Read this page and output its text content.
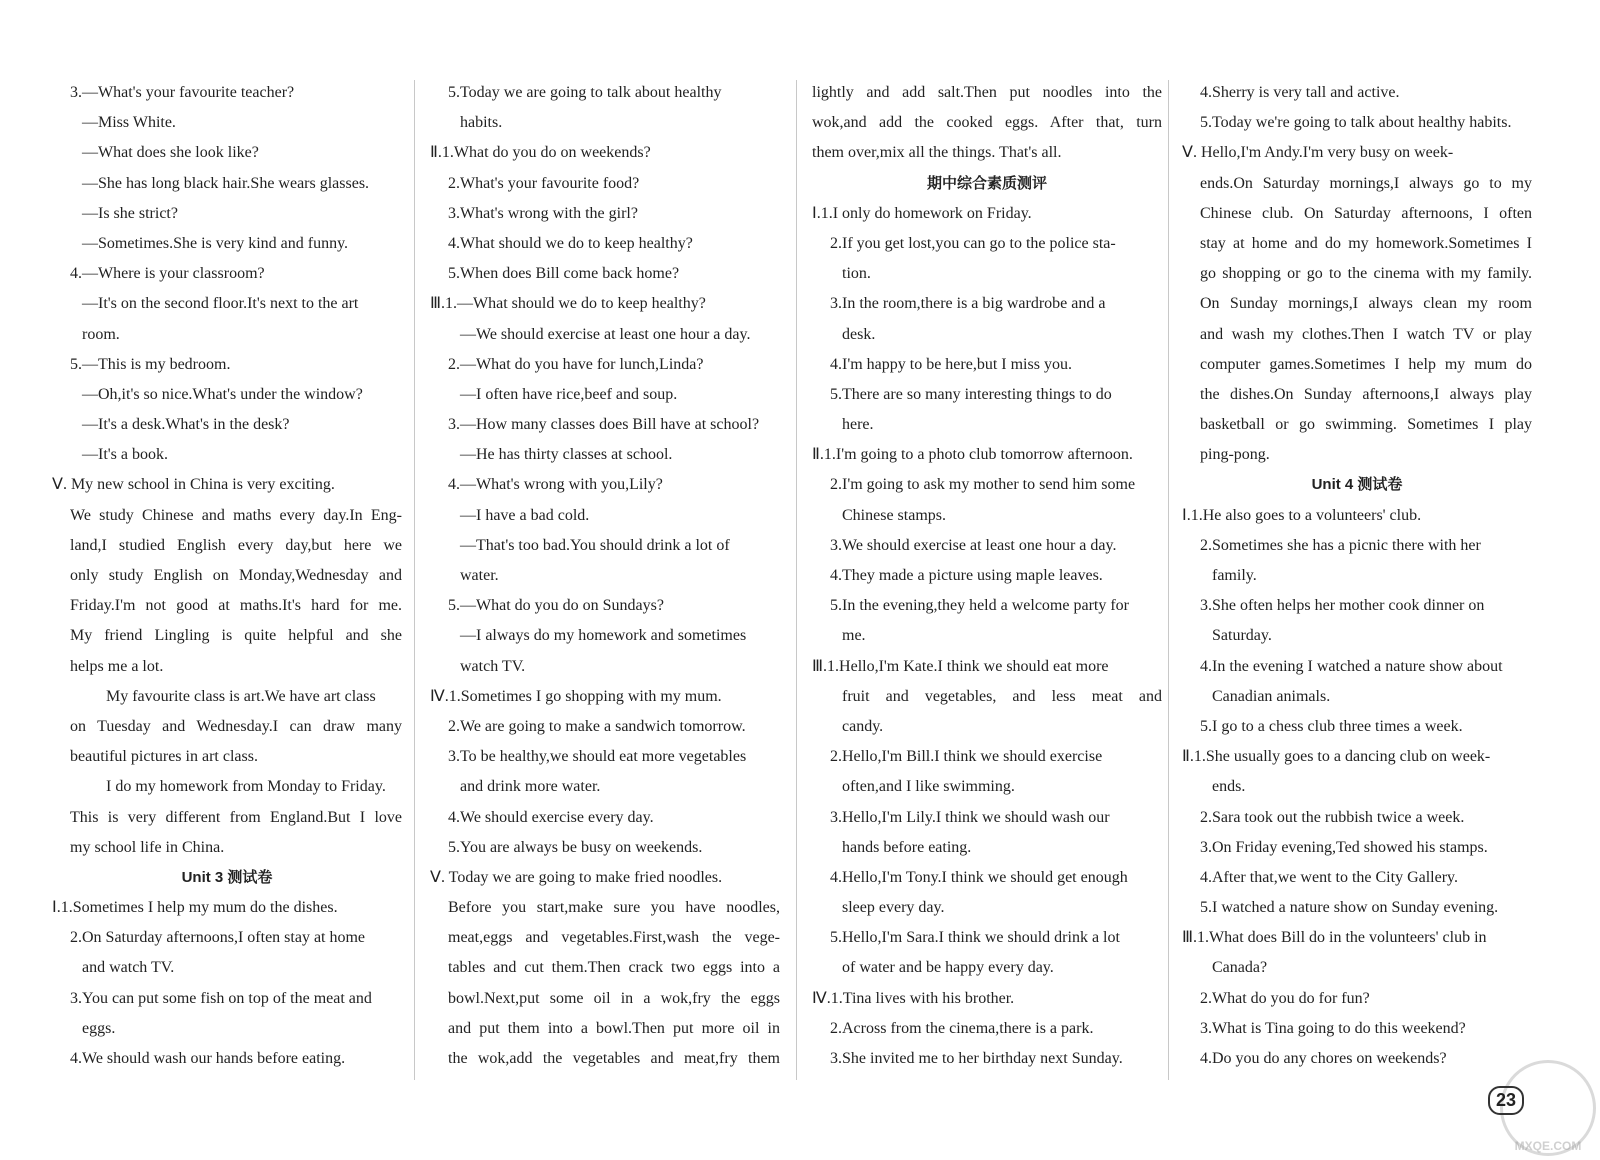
3.—What's your favourite teacher?
—Miss White.
—What does she look like?
—She has long black hair.She wears glasses.
—Is she strict?
—Sometimes.She is very kind and funny.
4.—Where is your classroom?
—It's on the second floor.It's next to the art
room.
5.—This is my bedroom.
—Oh,it's so nice.What's under the window?
—It's a desk.What's in the desk?
—It's a book.
Ⅴ. My new school in China is very exciting.
We study Chinese and maths every day.In Eng-
land,I studied English every day,but here we
only study English on Monday,Wednesday and
Friday.I'm not good at maths.It's hard for me.
My friend Lingling is quite helpful and she
helps me a lot.
My favourite class is art.We have art class
on Tuesday and Wednesday.I can draw many
beautiful pictures in art class.
I do my homework from Monday to Friday.
This is very different from England.But I love
my school life in China.
Unit 3 测试卷
Ⅰ.1.Sometimes I help my mum do the dishes.
2.On Saturday afternoons,I often stay at home
and watch TV.
3.You can put some fish on top of the meat and
eggs.
4.We should wash our hands before eating.
5.Today we are going to talk about healthy
habits.
Ⅱ.1.What do you do on weekends?
2.What's your favourite food?
3.What's wrong with the girl?
4.What should we do to keep healthy?
5.When does Bill come back home?
Ⅲ.1.—What should we do to keep healthy?
—We should exercise at least one hour a day.
2.—What do you have for lunch,Linda?
—I often have rice,beef and soup.
3.—How many classes does Bill have at school?
—He has thirty classes at school.
4.—What's wrong with you,Lily?
—I have a bad cold.
—That's too bad.You should drink a lot of
water.
5.—What do you do on Sundays?
—I always do my homework and sometimes
watch TV.
Ⅳ.1.Sometimes I go shopping with my mum.
2.We are going to make a sandwich tomorrow.
3.To be healthy,we should eat more vegetables
and drink more water.
4.We should exercise every day.
5.You are always be busy on weekends.
Ⅴ. Today we are going to make fried noodles.
Before you start,make sure you have noodles,
meat,eggs and vegetables.First,wash the vege-
tables and cut them.Then crack two eggs into a
bowl.Next,put some oil in a wok,fry the eggs
and put them into a bowl.Then put more oil in
the wok,add the vegetables and meat,fry them
lightly and add salt.Then put noodles into the
wok,and add the cooked eggs. After that, turn
them over,mix all the things. That's all.
期中综合素质测评
Ⅰ.1.I only do homework on Friday.
2.If you get lost,you can go to the police sta-
tion.
3.In the room,there is a big wardrobe and a
desk.
4.I'm happy to be here,but I miss you.
5.There are so many interesting things to do
here.
Ⅱ.1.I'm going to a photo club tomorrow afternoon.
2.I'm going to ask my mother to send him some
Chinese stamps.
3.We should exercise at least one hour a day.
4.They made a picture using maple leaves.
5.In the evening,they held a welcome party for
me.
Ⅲ.1.Hello,I'm Kate.I think we should eat more
fruit and vegetables, and less meat and
candy.
2.Hello,I'm Bill.I think we should exercise
often,and I like swimming.
3.Hello,I'm Lily.I think we should wash our
hands before eating.
4.Hello,I'm Tony.I think we should get enough
sleep every day.
5.Hello,I'm Sara.I think we should drink a lot
of water and be happy every day.
Ⅳ.1.Tina lives with his brother.
2.Across from the cinema,there is a park.
3.She invited me to her birthday next Sunday.
4.Sherry is very tall and active.
5.Today we're going to talk about healthy habits.
Ⅴ. Hello,I'm Andy.I'm very busy on week-
ends.On Saturday mornings,I always go to my
Chinese club. On Saturday afternoons, I often
stay at home and do my homework.Sometimes I
go shopping or go to the cinema with my family.
On Sunday mornings,I always clean my room
and wash my clothes.Then I watch TV or play
computer games.Sometimes I help my mum do
the dishes.On Sunday afternoons,I always play
basketball or go swimming. Sometimes I play
ping-pong.
Unit 4 测试卷
Ⅰ.1.He also goes to a volunteers' club.
2.Sometimes she has a picnic there with her
family.
3.She often helps her mother cook dinner on
Saturday.
4.In the evening I watched a nature show about
Canadian animals.
5.I go to a chess club three times a week.
Ⅱ.1.She usually goes to a dancing club on week-
ends.
2.Sara took out the rubbish twice a week.
3.On Friday evening,Ted showed his stamps.
4.After that,we went to the City Gallery.
5.I watched a nature show on Sunday evening.
Ⅲ.1.What does Bill do in the volunteers' club in
Canada?
2.What do you do for fun?
3.What is Tina going to do this weekend?
4.Do you do any chores on weekends?
MXQE.COM
23
